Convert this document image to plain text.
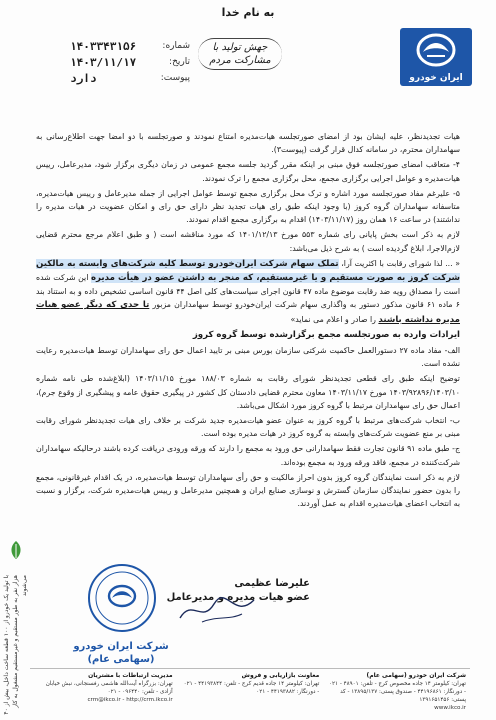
به نام خدا
۱۴۰۳۳۴۳۱۵۶	شماره:
۱۴۰۳/۱۱/۱۷	تاریخ:
دارد	پیوست:
جهش تولید با مشارکت مردم
ایران خودرو

هیات تجدیدنظر، علیه ایشان بود از امضای صورتجلسه هیات‌مدیره امتناع نمودند و صورتجلسه با دو امضا جهت اطلاع‌رسانی به سهامداران محترم، در سامانه کدال قرار گرفت (پیوست۳).

۴- متعاقب امضای صورتجلسه فوق مبنی بر اینکه مقرر گردید جلسه مجمع عمومی در زمان دیگری برگزار شود، مدیرعامل، رییس هیات‌مدیره و عوامل اجرایی برگزاری مجمع، محل برگزاری مجمع را ترک نمودند.

۵- علیرغم مفاد صورتجلسه مورد اشاره و ترک محل برگزاری مجمع توسط عوامل اجرایی از جمله مدیرعامل و رییس هیات‌مدیره، متاسفانه سهامداران گروه کروز (با وجود اینکه طبق رای هیات تجدید نظر دارای حق رای و امکان عضویت در هیات مدیره را نداشتند) در ساعت ۱۶ همان روز (۱۴۰۳/۱۱/۱۷) اقدام به برگزاری مجمع اقدام نمودند.

لازم به ذکر است بخش پایانی رای شماره ۵۵۳ مورخ ۱۴۰۱/۱۲/۱۳ که مورد مناقشه است ( و طبق اعلام مرجع محترم قضایی لازم‌الاجرا، ابلاغ گردیده است ) به شرح ذیل می‌باشد:

« ... لذا شورای رقابت با اکثریت آرا، تملک سهام شرکت ایران‌خودرو توسط کلیه شرکت‌های وابسته به مالکین شرکت کروز به صورت مستقیم و یا غیرمستقیم، که منجر به داشتن عضو در هیأت مدیره این شرکت شده است را مصداق رویه ضد رقابت موضوع ماده ۴۷ قانون اجرای سیاست‌های کلی اصل ۴۴ قانون اساسی تشخیص داده و به استناد بند ۶ ماده ۶۱ قانون مذکور دستور به واگذاری سهام شرکت ایران‌خودرو توسط سهامداران مزبور تا حدی که دیگر عضو هیات مدیره نداشته باشند را صادر و اعلام می نماید»

ایرادات وارده به صورتجلسه مجمع برگزارشده توسط گروه کروز

الف- مفاد ماده ۲۷ دستورالعمل حاکمیت شرکتی سازمان بورس مبنی بر تایید اعمال حق رای سهامداران توسط هیات‌مدیره رعایت نشده است.

توضیح اینکه طبق رای قطعی تجدیدنظر شورای رقابت به شماره ۱۸۸/۰۳ مورخ ۱۴۰۳/۱۱/۱۵ (ابلاغ‌شده طی نامه شماره ۱۴۰۳/۹۲۸۹۶/۱۴۰۳/۱۰ مورخ ۱۴۰۳/۱۱/۱۷ معاون محترم قضایی دادستان کل کشور در پیگیری حقوق عامه و پیشگیری از وقوع جرم)، اعمال حق رای سهامداران مرتبط با گروه کروز مورد اشکال می‌باشد.

ب- انتخاب شرکت‌های مرتبط با گروه کروز به عنوان عضو هیات‌مدیره جدید شرکت بر خلاف رای هیات تجدیدنظر شورای رقابت مبنی بر منع عضویت شرکت‌های وابسته به گروه کروز در هیات مدیره بوده است.

ج- طبق ماده ۹۱ قانون تجارت فقط سهامدارانی حق ورود به مجمع را دارند که ورقه ورودی دریافت کرده باشند درحالیکه سهامداران شرکت‌کننده در مجمع، فاقد ورقه ورود به مجمع بوده‌اند.

لازم به ذکر است نمایندگان گروه کروز بدون احراز مالکیت و حق رأی سهامداران توسط هیات‌مدیره، در یک اقدام غیرقانونی، مجمع را بدون حضور نمایندگان سازمان گسترش و نوسازی صنایع ایران و همچنین مدیرعامل و رییس هیات‌مدیره شرکت، برگزار و نسبت به انتخاب اعضای هیات‌مدیره اقدام به عمل آوردند.

علیرضا عظیمی
عضو هیات مدیره و مدیرعامل
شرکت ایران خودرو
(سهامی عام)
با تولید یک خودرو از ۱۰۰ قطعه ساخت داخل، بیش از ۴۰ هزار نفر به طور مستقیم و غیرمستقیم مشغول به کار می‌شوند
شرکت ایران خودرو (سهامی عام)
تهران: کیلومتر ۱۴ جاده مخصوص کرج - تلفن: ۴۸۹۰۱ - ۰۲۱ - دورنگار: ۴۴۱۹۶۸۶۱ - صندوق پستی: ۱۳۸۹۵/۱۳۷ - کد پستی: ۱۳۹۱۶۵۱۴۵۶
www.ikco.ir
معاونت بازاریابی و فروش
تهران: کیلومتر ۱۴ جاده قدیم کرج - تلفن: ۴۴۱۹۳۸۴۴ - ۰۲۱ - دورنگار: ۴۴۱۹۳۸۸۲ - ۰۲۱
مدیریت ارتباطات با مشتریان
تهران: بزرگراه آیت‌الله هاشمی رفسنجانی، نبش خیابان آزادی - تلفن: ۰۹۶۴۴۰ - ۰۲۱
crm@ikco.ir - http://crm.ikco.ir
